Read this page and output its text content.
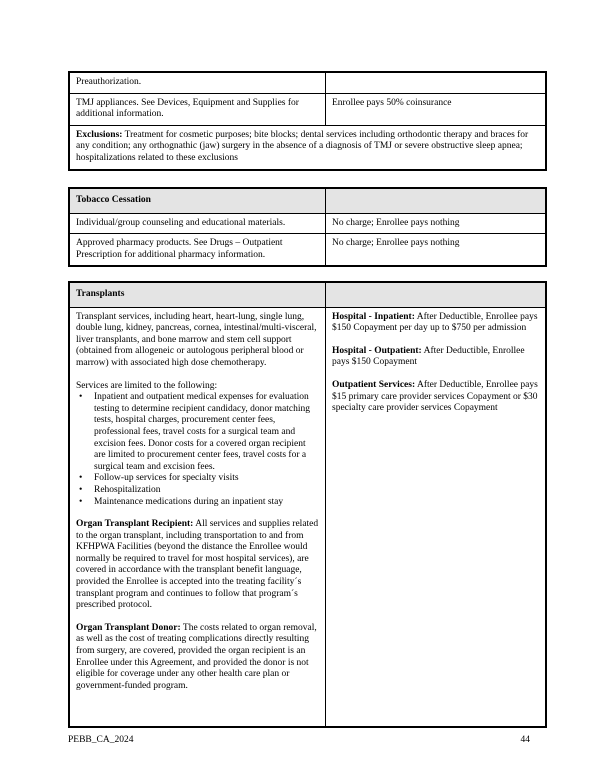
Preauthorization.

TMJ appliances. See Devices, Equipment and Supplies for additional information.

Enrollee pays 50% coinsurance

Exclusions: Treatment for cosmetic purposes; bite blocks; dental services including orthodontic therapy and braces for any condition; any orthognathic (jaw) surgery in the absence of a diagnosis of TMJ or severe obstructive sleep apnea; hospitalizations related to these exclusions

Tobacco Cessation

Individual/group counseling and educational materials.	No charge; Enrollee pays nothing

Approved pharmacy products. See Drugs – Outpatient Prescription for additional pharmacy information.

No charge; Enrollee pays nothing

Transplants

Transplant services, including heart, heart-lung, single lung, double lung, kidney, pancreas, cornea, intestinal/multi-visceral, liver transplants, and bone marrow and stem cell support (obtained from allogeneic or autologous peripheral blood or marrow) with associated high dose chemotherapy.

Services are limited to the following:

• Inpatient and outpatient medical expenses for evaluation testing to determine recipient candidacy, donor matching tests, hospital charges, procurement center fees, professional fees, travel costs for a surgical team and excision fees. Donor costs for a covered organ recipient are limited to procurement center fees, travel costs for a surgical team and excision fees.
• Follow-up services for specialty visits
• Rehospitalization
• Maintenance medications during an inpatient stay

Organ Transplant Recipient: All services and supplies related to the organ transplant, including transportation to and from KFHPWA Facilities (beyond the distance the Enrollee would normally be required to travel for most hospital services), are covered in accordance with the transplant benefit language, provided the Enrollee is accepted into the treating facility´s transplant program and continues to follow that program´s prescribed protocol.

Organ Transplant Donor: The costs related to organ removal, as well as the cost of treating complications directly resulting from surgery, are covered, provided the organ recipient is an Enrollee under this Agreement, and provided the donor is not eligible for coverage under any other health care plan or government-funded program.

Hospital - Inpatient: After Deductible, Enrollee pays $150 Copayment per day up to $750 per admission

Hospital - Outpatient: After Deductible, Enrollee pays $150 Copayment

Outpatient Services: After Deductible, Enrollee pays $15 primary care provider services Copayment or $30 specialty care provider services Copayment

PEBB_CA_2024	44
